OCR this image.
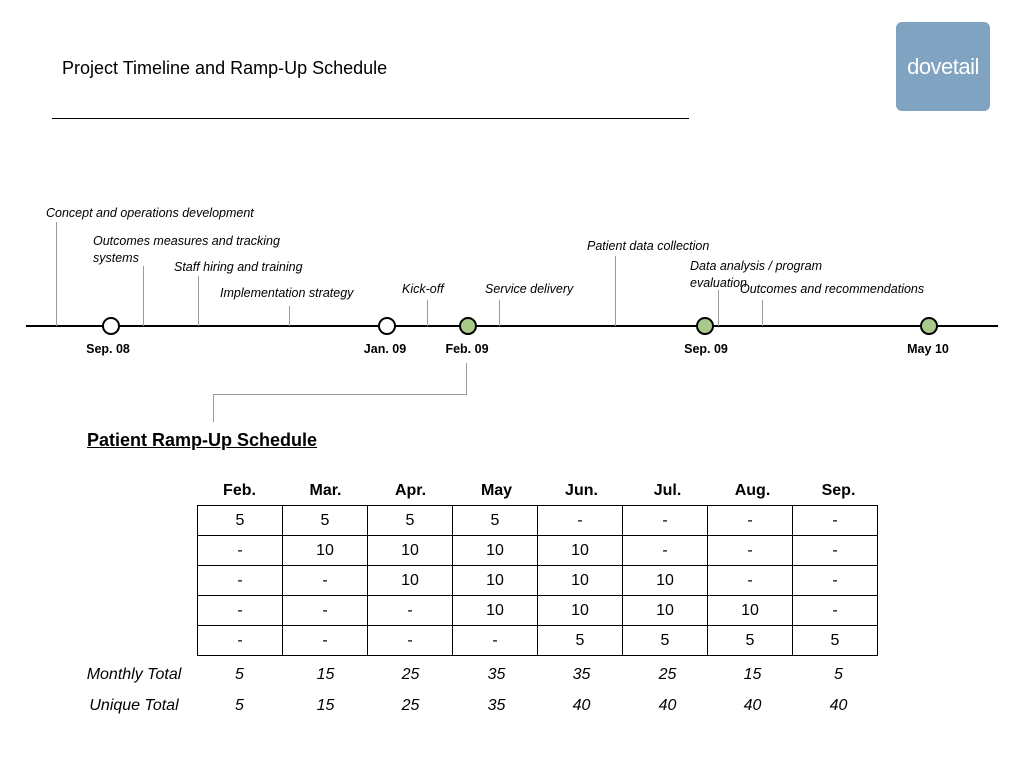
Project Timeline and Ramp-Up Schedule	dovetail
Concept and operations development
Outcomes measures and tracking systems
Staff hiring and training
Implementation strategy	Kick-off	Service delivery
Patient data collection
Data analysis / program evaluation
Outcomes and recommendations
Sep. 08	Jan. 09	Feb. 09	Sep. 09	May 10
Patient Ramp-Up Schedule
Feb.	Mar.	Apr.	May	Jun.	Jul.	Aug.	Sep.
5	5	5	5	-	-	-	-
-	10	10	10	10	-	-	-
-	-	10	10	10	10	-	-
-	-	-	10	10	10	10	-
-	-	-	-	5	5	5	5
Monthly Total	5	15	25	35	35	25	15	5
Unique Total	5	15	25	35	40	40	40	40
